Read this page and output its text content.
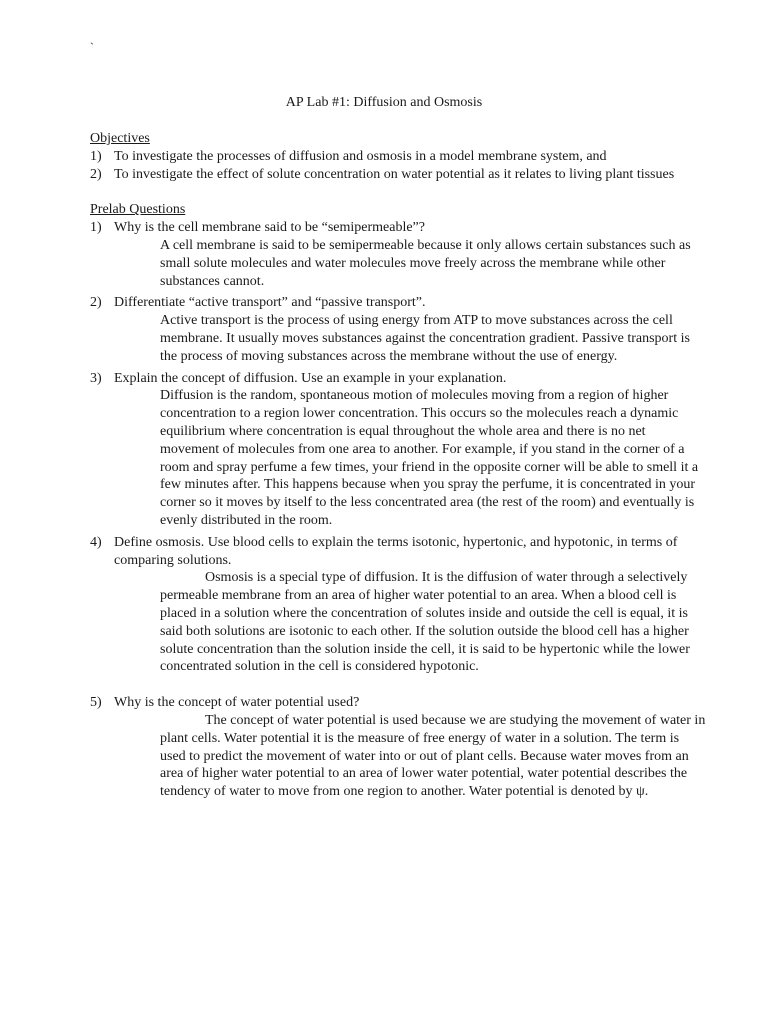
`
AP Lab #1: Diffusion and Osmosis
Objectives
1) To investigate the processes of diffusion and osmosis in a model membrane system, and
2) To investigate the effect of solute concentration on water potential as it relates to living plant tissues
Prelab Questions
1) Why is the cell membrane said to be “semipermeable”?
A cell membrane is said to be semipermeable because it only allows certain substances such as small solute molecules and water molecules move freely across the membrane while other substances cannot.
2) Differentiate “active transport” and “passive transport”.
Active transport is the process of using energy from ATP to move substances across the cell membrane. It usually moves substances against the concentration gradient. Passive transport is the process of moving substances across the membrane without the use of energy.
3) Explain the concept of diffusion. Use an example in your explanation.
Diffusion is the random, spontaneous motion of molecules moving from a region of higher concentration to a region lower concentration. This occurs so the molecules reach a dynamic equilibrium where concentration is equal throughout the whole area and there is no net movement of molecules from one area to another. For example, if you stand in the corner of a room and spray perfume a few times, your friend in the opposite corner will be able to smell it a few minutes after. This happens because when you spray the perfume, it is concentrated in your corner so it moves by itself to the less concentrated area (the rest of the room) and eventually is evenly distributed in the room.
4) Define osmosis. Use blood cells to explain the terms isotonic, hypertonic, and hypotonic, in terms of comparing solutions.
Osmosis is a special type of diffusion. It is the diffusion of water through a selectively permeable membrane from an area of higher water potential to an area. When a blood cell is placed in a solution where the concentration of solutes inside and outside the cell is equal, it is said both solutions are isotonic to each other. If the solution outside the blood cell has a higher solute concentration than the solution inside the cell, it is said to be hypertonic while the lower concentrated solution in the cell is considered hypotonic.
5) Why is the concept of water potential used?
The concept of water potential is used because we are studying the movement of water in plant cells. Water potential it is the measure of free energy of water in a solution. The term is used to predict the movement of water into or out of plant cells. Because water moves from an area of higher water potential to an area of lower water potential, water potential describes the tendency of water to move from one region to another. Water potential is denoted by ψ.
